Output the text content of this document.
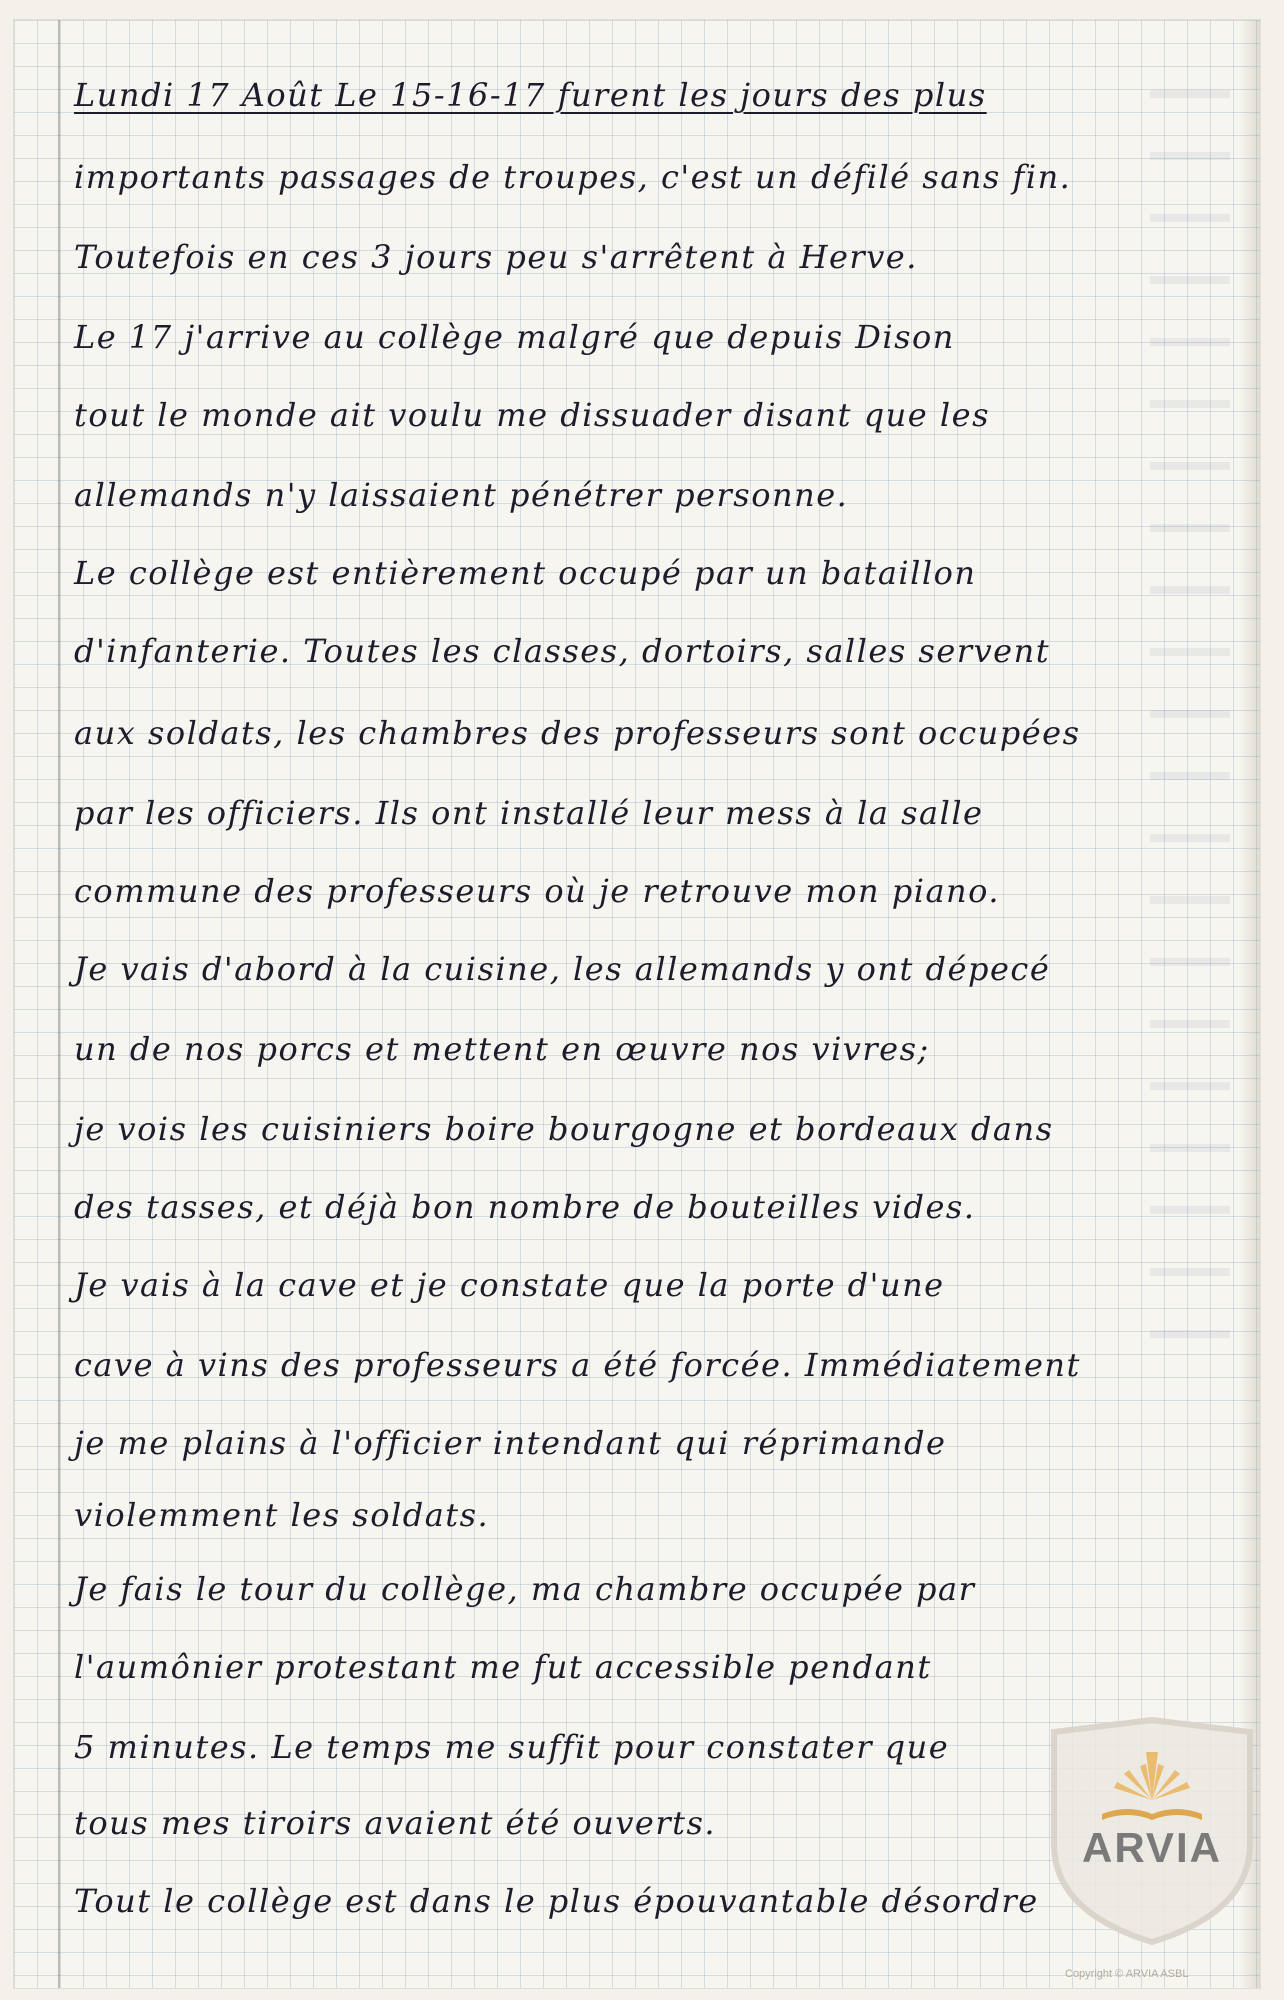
Lundi 17 Août Le 15-16-17 furent les jours des plus
importants passages de troupes, c'est un défilé sans fin.
Toutefois en ces 3 jours peu s'arrêtent à Herve.
Le 17 j'arrive au collège malgré que depuis Dison
tout le monde ait voulu me dissuader disant que les
allemands n'y laissaient pénétrer personne.
Le collège est entièrement occupé par un bataillon
d'infanterie. Toutes les classes, dortoirs, salles servent
aux soldats, les chambres des professeurs sont occupées
par les officiers. Ils ont installé leur mess à la salle
commune des professeurs où je retrouve mon piano.
Je vais d'abord à la cuisine, les allemands y ont dépecé
un de nos porcs et mettent en œuvre nos vivres;
je vois les cuisiniers boire bourgogne et bordeaux dans
des tasses, et déjà bon nombre de bouteilles vides.
Je vais à la cave et je constate que la porte d'une
cave à vins des professeurs a été forcée. Immédiatement
je me plains à l'officier intendant qui réprimande
violemment les soldats.
Je fais le tour du collège, ma chambre occupée par
l'aumônier protestant me fut accessible pendant
5 minutes. Le temps me suffit pour constater que
tous mes tiroirs avaient été ouverts.
Tout le collège est dans le plus épouvantable désordre
ARVIA
Copyright © ARVIA ASBL
